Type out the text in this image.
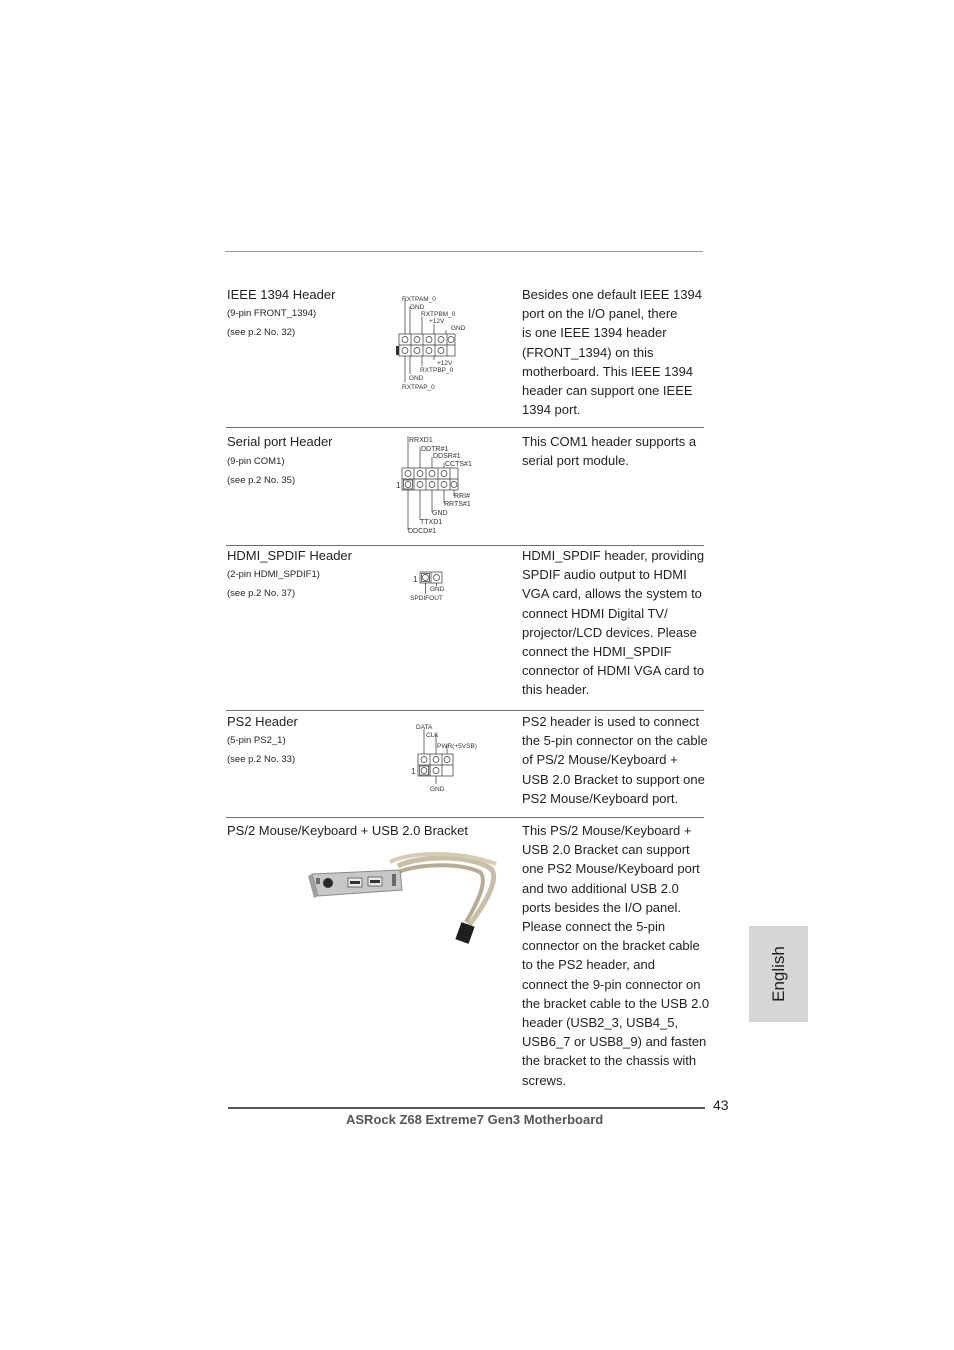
IEEE 1394 Header
(9-pin FRONT_1394)
(see p.2 No. 32)
RXTPAM_0
GND
RXTPBM_0
+12V
GND
+12V
RXTPBP_0
GND
RXTPAP_0
Besides one default IEEE 1394
port on the I/O panel, there
is one IEEE 1394 header
(FRONT_1394) on this
motherboard. This IEEE 1394
header can support one IEEE
1394 port.
Serial port Header
(9-pin COM1)
(see p.2 No. 35)
RRXD1
DDTR#1
DDSR#1
CCTS#1
1
RRI#
RRTS#1
GND
TTXD1
DDCD#1
This COM1 header supports a
serial port module.
HDMI_SPDIF Header
(2-pin HDMI_SPDIF1)
(see p.2 No. 37)
1
GND
SPDIFOUT
HDMI_SPDIF header, providing
SPDIF audio output to HDMI
VGA card, allows the system to
connect HDMI Digital TV/
projector/LCD devices. Please
connect the HDMI_SPDIF
connector of HDMI VGA card to
this header.
PS2 Header
(5-pin PS2_1)
(see p.2 No. 33)
DATA
CLK
PWR(+5VSB)
1
GND
PS2 header is used to connect
the 5-pin connector on the cable
of PS/2 Mouse/Keyboard +
USB 2.0 Bracket to support one
PS2 Mouse/Keyboard port.
PS/2 Mouse/Keyboard + USB 2.0 Bracket	This PS/2 Mouse/Keyboard +
USB 2.0 Bracket can support
one PS2 Mouse/Keyboard port
and two additional USB 2.0
ports besides the I/O panel.
Please connect the 5-pin
connector on the bracket cable
to the PS2 header, and
connect the 9-pin connector on
the bracket cable to the USB 2.0
header (USB2_3, USB4_5,
USB6_7 or USB8_9) and fasten
the bracket to the chassis with
screws.
English
43
ASRock Z68 Extreme7 Gen3 Motherboard
